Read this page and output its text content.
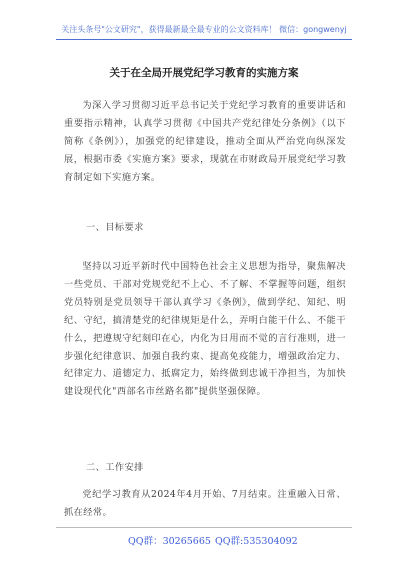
关注头条号"公文研究"，获得最新最全最专业的公文资料库！ 微信：gongwenyj
关于在全局开展党纪学习教育的实施方案
为深入学习贯彻习近平总书记关于党纪学习教育的重要讲话和重要指示精神，认真学习贯彻《中国共产党纪律处分条例》（以下简称《条例》），加强党的纪律建设，推动全面从严治党向纵深发展，根据市委《实施方案》要求，现就在市财政局开展党纪学习教育制定如下实施方案。
一、目标要求
坚持以习近平新时代中国特色社会主义思想为指导，聚焦解决一些党员、干部对党规党纪不上心、不了解、不掌握等问题，组织党员特别是党员领导干部认真学习《条例》，做到学纪、知纪、明纪、守纪，搞清楚党的纪律规矩是什么，弄明白能干什么、不能干什么，把遵规守纪刻印在心，内化为日用而不觉的言行准则，进一步强化纪律意识、加强自我约束、提高免疫能力，增强政治定力、纪律定力、道德定力、抵腐定力，始终做到忠诚干净担当，为加快建设现代化"西部名市丝路名都"提供坚强保障。
二、工作安排
党纪学习教育从2024年4月开始、7月结束。注重融入日常、抓在经常。
QQ群：30265665 QQ群:535304092
